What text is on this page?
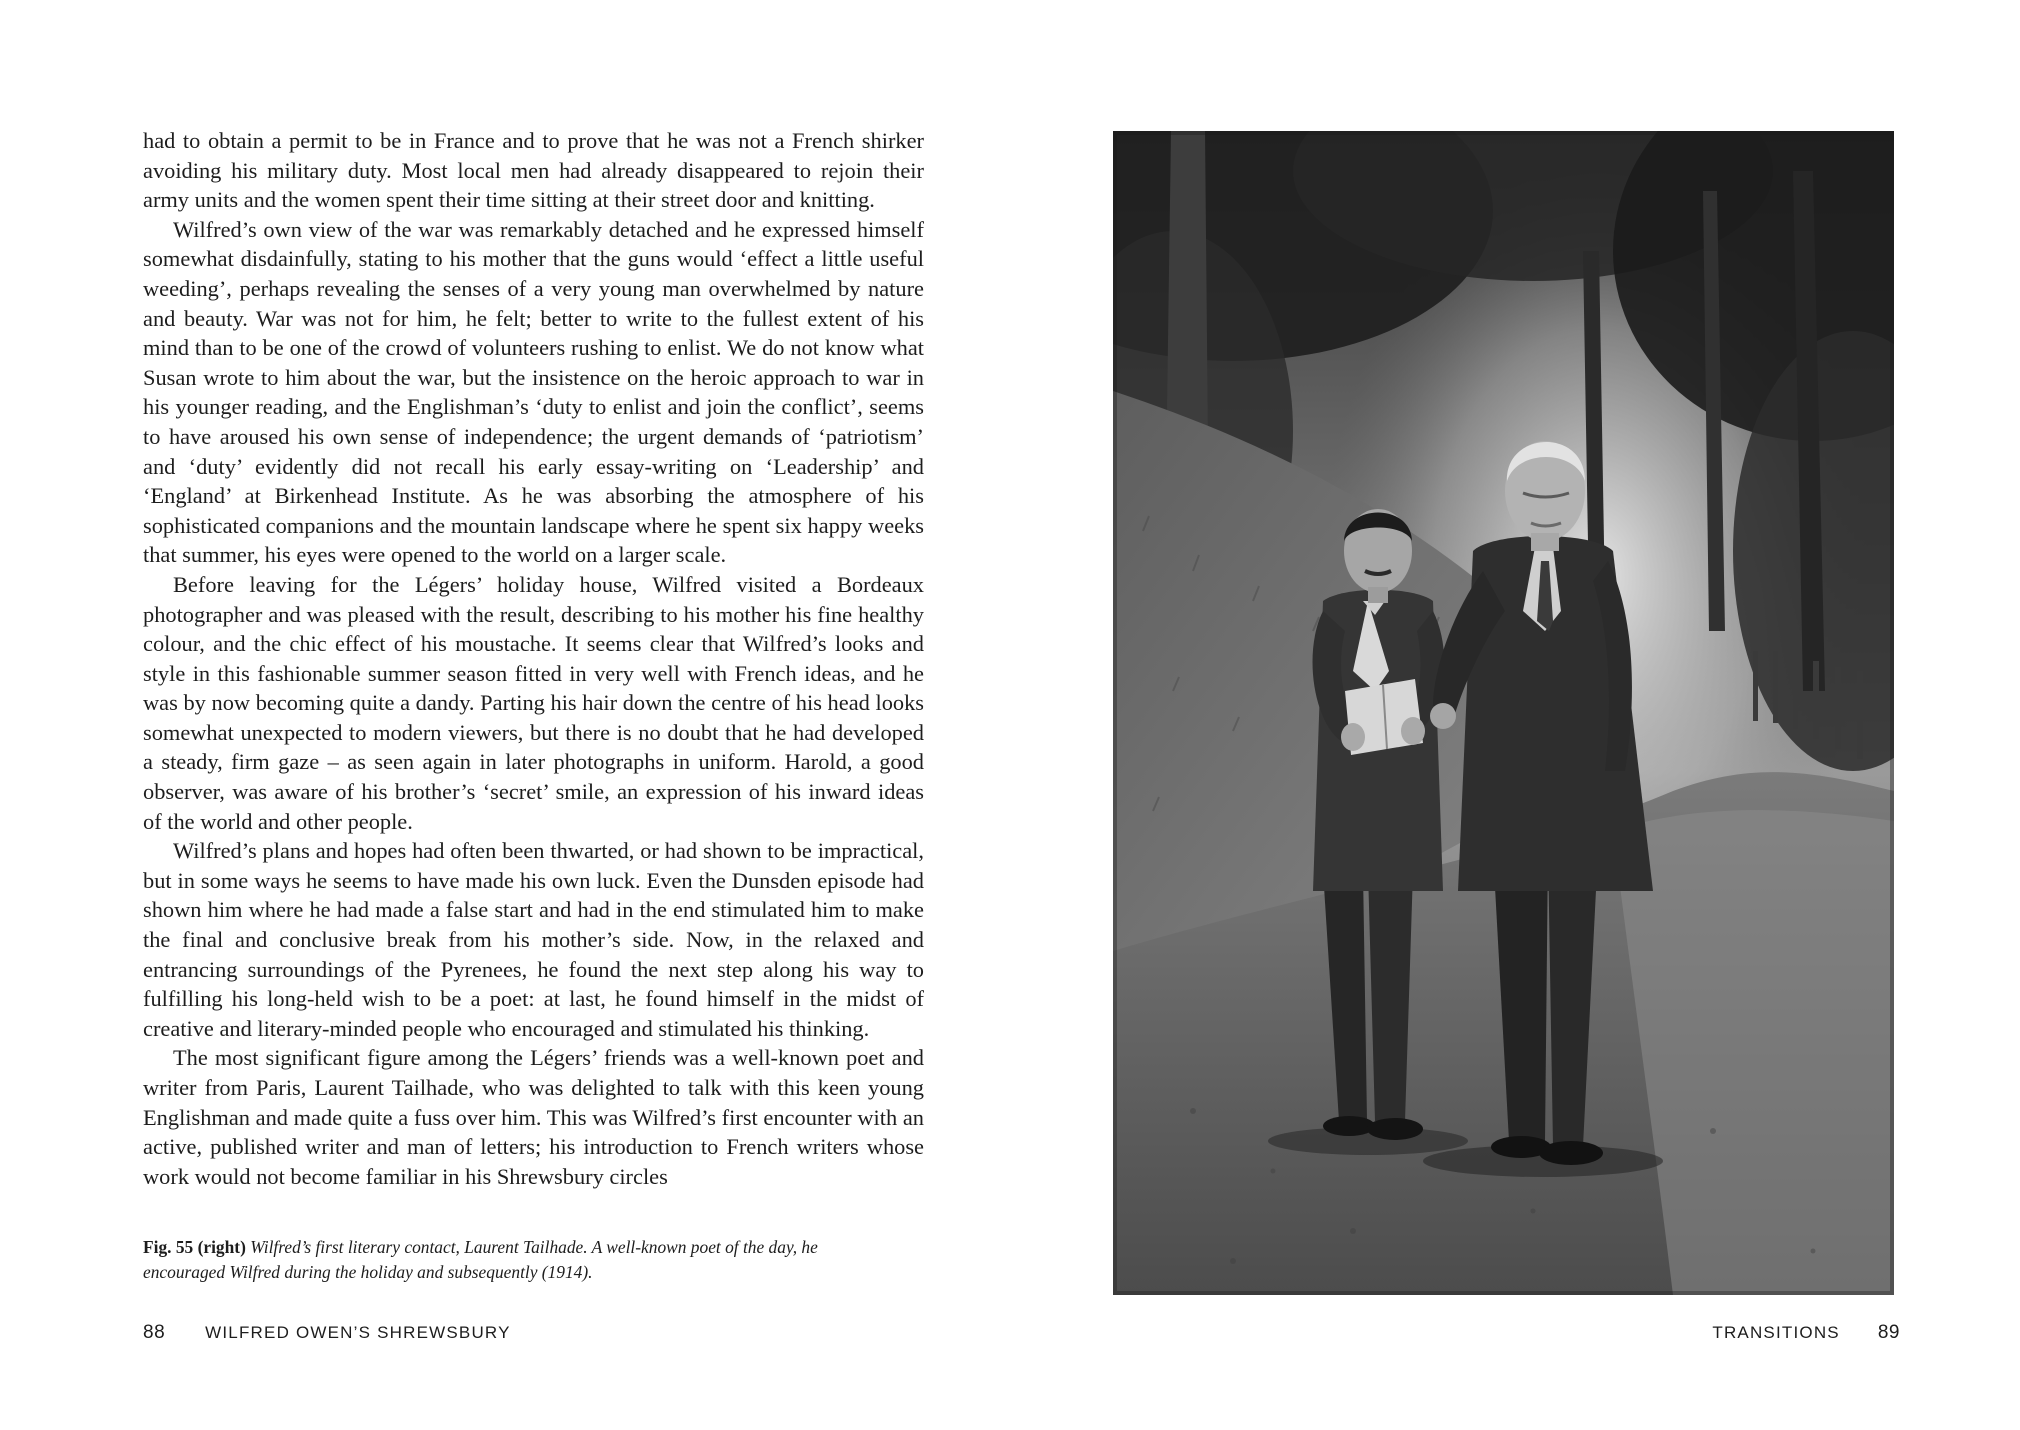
had to obtain a permit to be in France and to prove that he was not a French shirker avoiding his military duty. Most local men had already disappeared to rejoin their army units and the women spent their time sitting at their street door and knitting.

Wilfred’s own view of the war was remarkably detached and he expressed himself somewhat disdainfully, stating to his mother that the guns would ‘effect a little useful weeding’, perhaps revealing the senses of a very young man overwhelmed by nature and beauty. War was not for him, he felt; better to write to the fullest extent of his mind than to be one of the crowd of volunteers rushing to enlist. We do not know what Susan wrote to him about the war, but the insistence on the heroic approach to war in his younger reading, and the Englishman’s ‘duty to enlist and join the conflict’, seems to have aroused his own sense of independence; the urgent demands of ‘patriotism’ and ‘duty’ evidently did not recall his early essay-writing on ‘Leadership’ and ‘England’ at Birkenhead Institute. As he was absorbing the atmosphere of his sophisticated companions and the mountain landscape where he spent six happy weeks that summer, his eyes were opened to the world on a larger scale.

Before leaving for the Légers’ holiday house, Wilfred visited a Bordeaux photographer and was pleased with the result, describing to his mother his fine healthy colour, and the chic effect of his moustache. It seems clear that Wilfred’s looks and style in this fashionable summer season fitted in very well with French ideas, and he was by now becoming quite a dandy. Parting his hair down the centre of his head looks somewhat unexpected to modern viewers, but there is no doubt that he had developed a steady, firm gaze – as seen again in later photographs in uniform. Harold, a good observer, was aware of his brother’s ‘secret’ smile, an expression of his inward ideas of the world and other people.

Wilfred’s plans and hopes had often been thwarted, or had shown to be impractical, but in some ways he seems to have made his own luck. Even the Dunsden episode had shown him where he had made a false start and had in the end stimulated him to make the final and conclusive break from his mother’s side. Now, in the relaxed and entrancing surroundings of the Pyrenees, he found the next step along his way to fulfilling his long-held wish to be a poet: at last, he found himself in the midst of creative and literary-minded people who encouraged and stimulated his thinking.

The most significant figure among the Légers’ friends was a well-known poet and writer from Paris, Laurent Tailhade, who was delighted to talk with this keen young Englishman and made quite a fuss over him. This was Wilfred’s first encounter with an active, published writer and man of letters; his introduction to French writers whose work would not become familiar in his Shrewsbury circles

Fig. 55 (right) Wilfred’s first literary contact, Laurent Tailhade. A well-known poet of the day, he encouraged Wilfred during the holiday and subsequently (1914).
88 WILFRED OWEN’S SHREWSBURY	TRANSITIONS 89
